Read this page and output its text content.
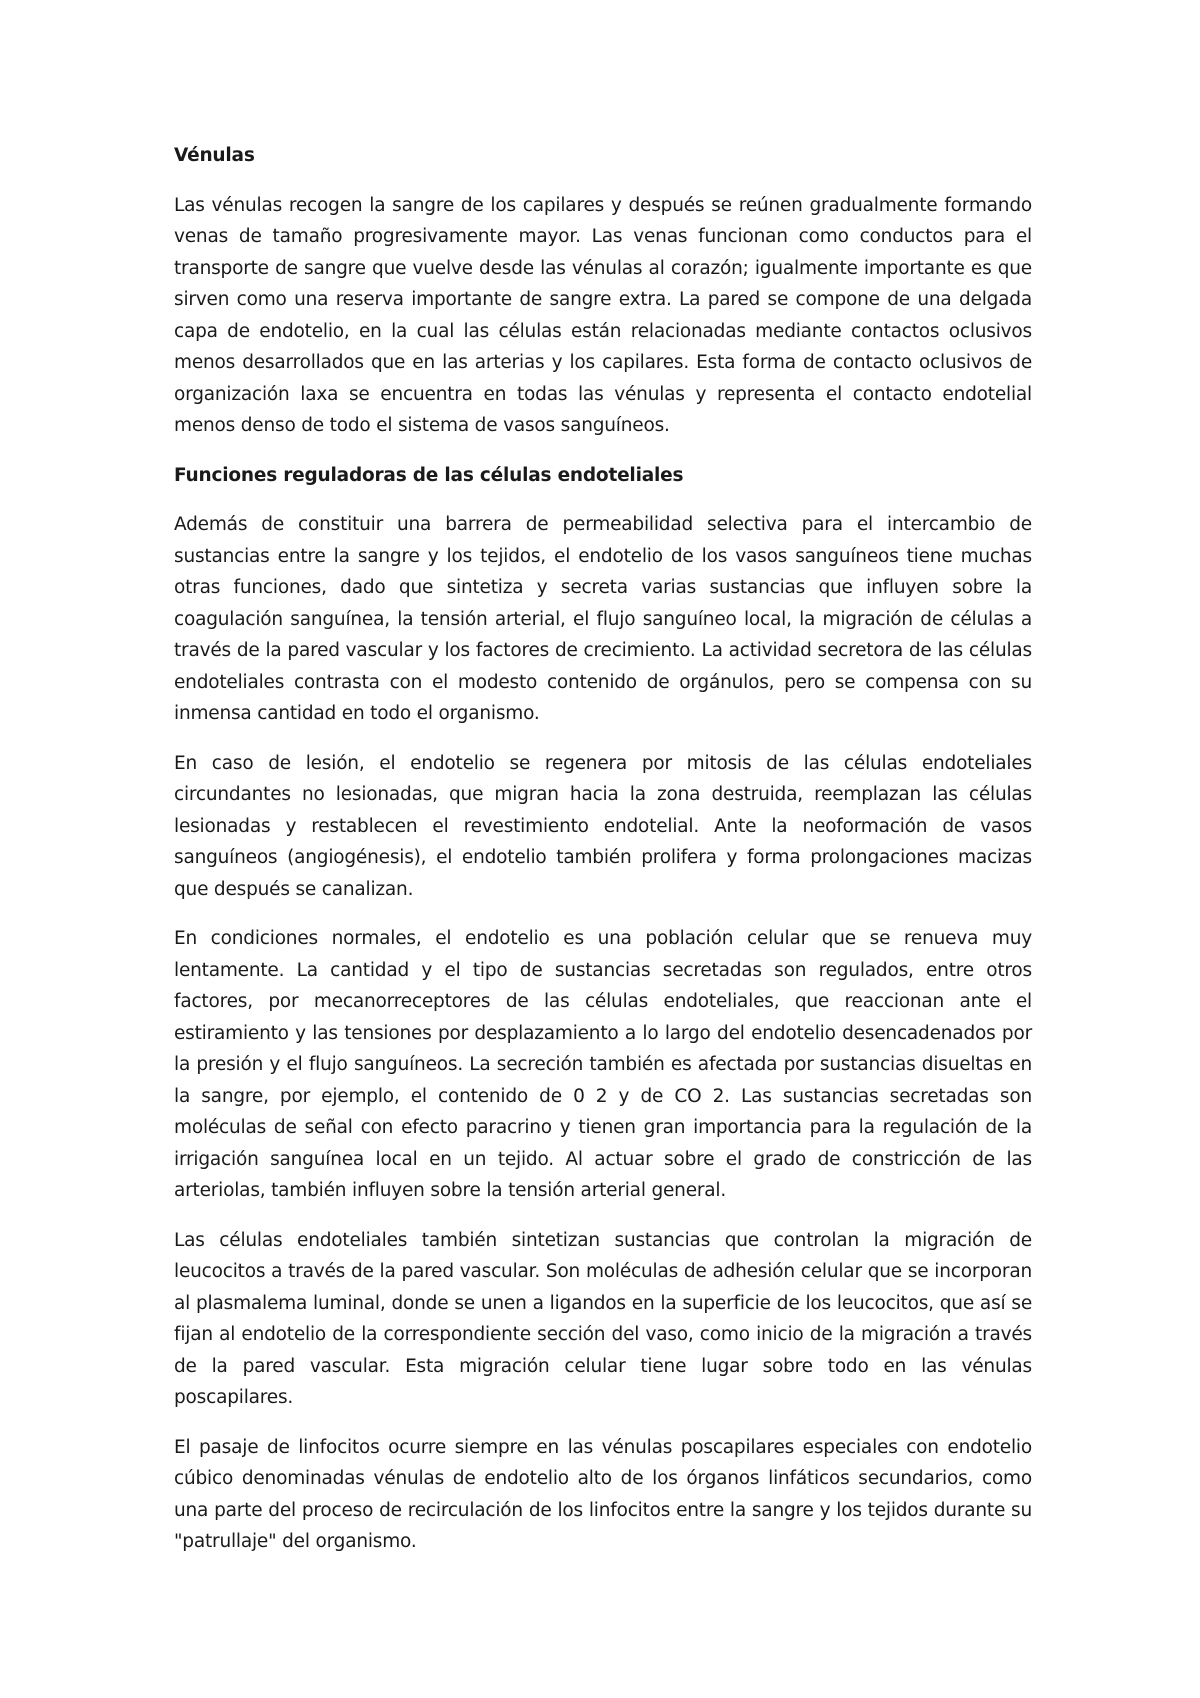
Vénulas

Las vénulas recogen la sangre de los capilares y después se reúnen gradualmente formando venas de tamaño progresivamente mayor. Las venas funcionan como conductos para el transporte de sangre que vuelve desde las vénulas al corazón; igualmente importante es que sirven como una reserva importante de sangre extra. La pared se compone de una delgada capa de endotelio, en la cual las células están relacionadas mediante contactos oclusivos menos desarrollados que en las arterias y los capilares. Esta forma de contacto oclusivos de organización laxa se encuentra en todas las vénulas y representa el contacto endotelial menos denso de todo el sistema de vasos sanguíneos.

Funciones reguladoras de las células endoteliales

Además de constituir una barrera de permeabilidad selectiva para el intercambio de sustancias entre la sangre y los tejidos, el endotelio de los vasos sanguíneos tiene muchas otras funciones, dado que sintetiza y secreta varias sustancias que influyen sobre la coagulación sanguínea, la tensión arterial, el flujo sanguíneo local, la migración de células a través de la pared vascular y los factores de crecimiento. La actividad secretora de las células endoteliales contrasta con el modesto contenido de orgánulos, pero se compensa con su inmensa cantidad en todo el organismo.

En caso de lesión, el endotelio se regenera por mitosis de las células endoteliales circundantes no lesionadas, que migran hacia la zona destruida, reemplazan las células lesionadas y restablecen el revestimiento endotelial. Ante la neoformación de vasos sanguíneos (angiogénesis), el endotelio también prolifera y forma prolongaciones macizas que después se canalizan.

En condiciones normales, el endotelio es una población celular que se renueva muy lentamente. La cantidad y el tipo de sustancias secretadas son regulados, entre otros factores, por mecanorreceptores de las células endoteliales, que reaccionan ante el estiramiento y las tensiones por desplazamiento a lo largo del endotelio desencadenados por la presión y el flujo sanguíneos. La secreción también es afectada por sustancias disueltas en la sangre, por ejemplo, el contenido de 0 2 y de CO 2. Las sustancias secretadas son moléculas de señal con efecto paracrino y tienen gran importancia para la regulación de la irrigación sanguínea local en un tejido. Al actuar sobre el grado de constricción de las arteriolas, también influyen sobre la tensión arterial general.

Las células endoteliales también sintetizan sustancias que controlan la migración de leucocitos a través de la pared vascular. Son moléculas de adhesión celular que se incorporan al plasmalema luminal, donde se unen a ligandos en la superficie de los leucocitos, que así se fijan al endotelio de la correspondiente sección del vaso, como inicio de la migración a través de la pared vascular. Esta migración celular tiene lugar sobre todo en las vénulas poscapilares.

El pasaje de linfocitos ocurre siempre en las vénulas poscapilares especiales con endotelio cúbico denominadas vénulas de endotelio alto de los órganos linfáticos secundarios, como una parte del proceso de recirculación de los linfocitos entre la sangre y los tejidos durante su "patrullaje" del organismo.
